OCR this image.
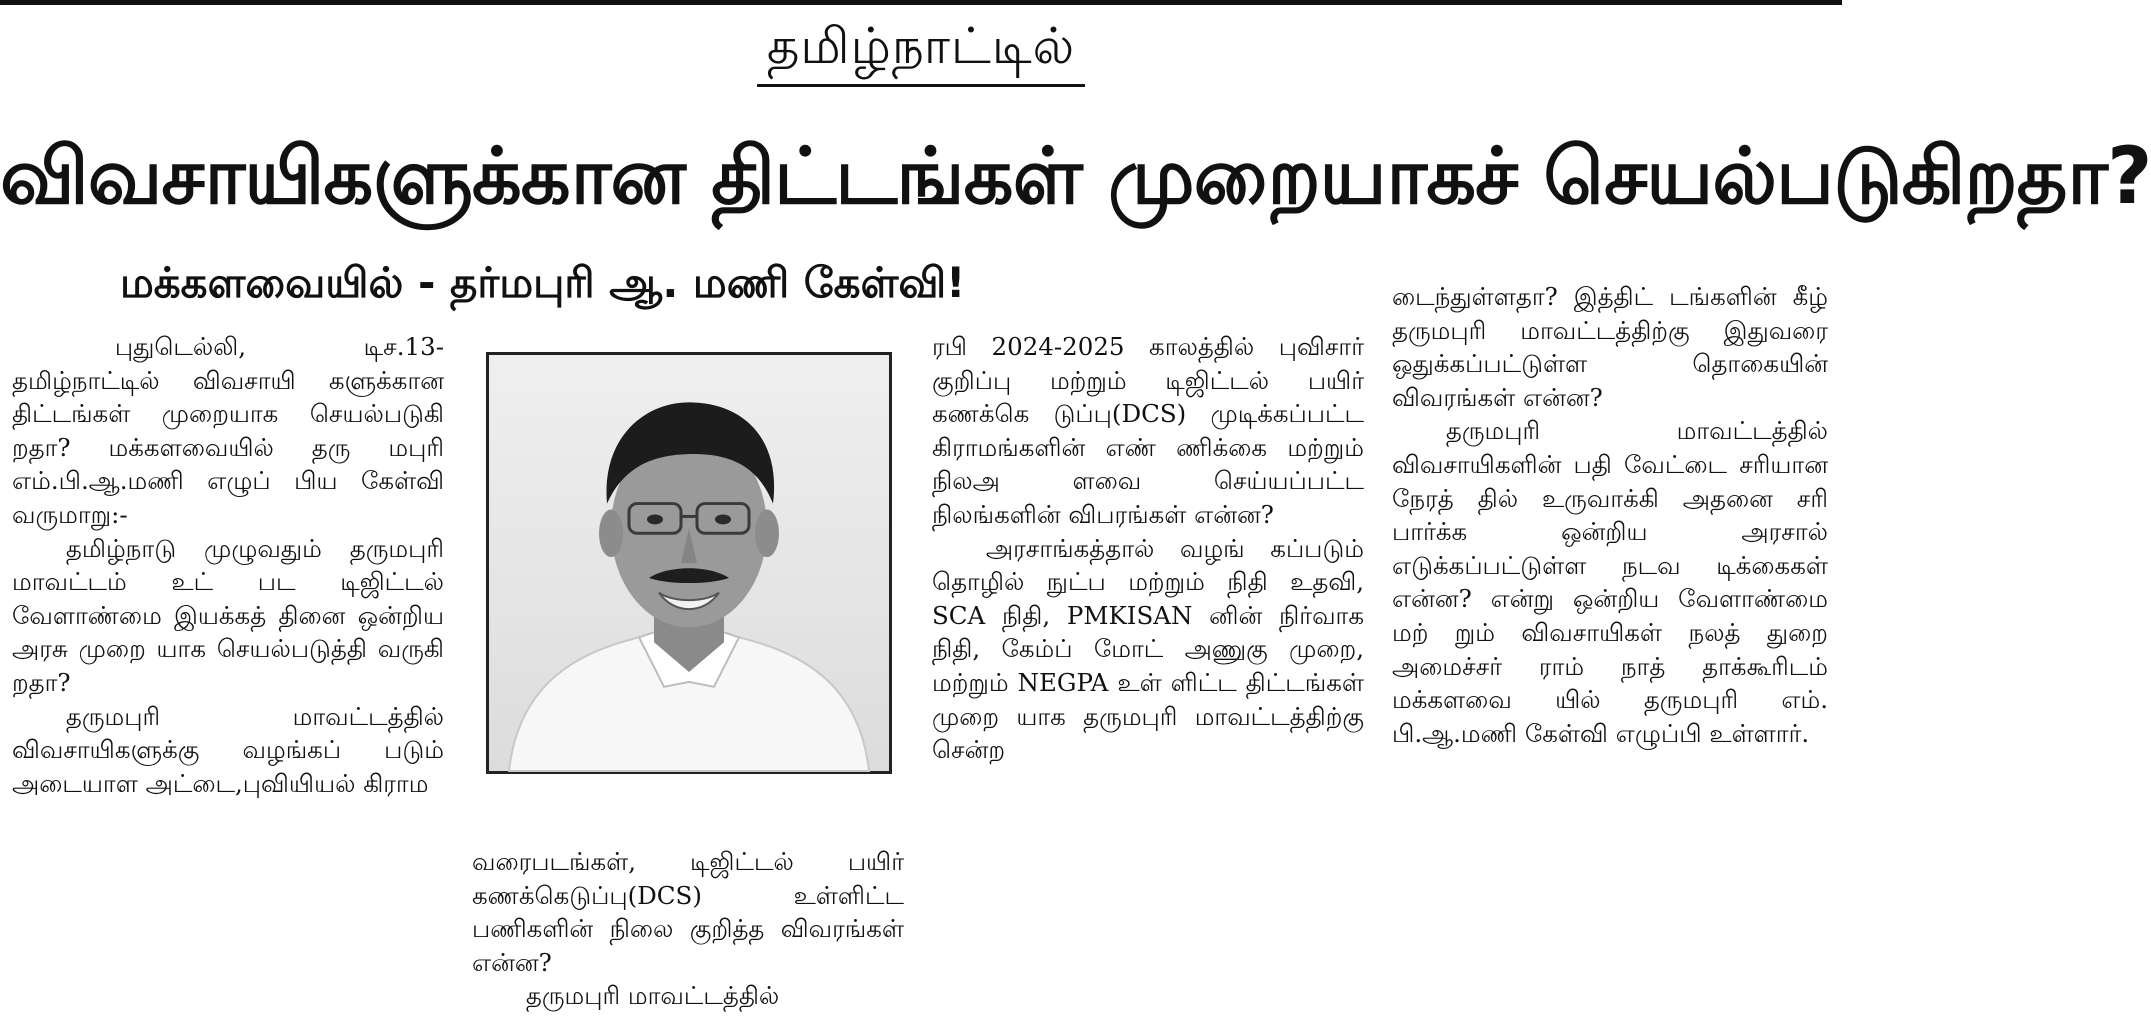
தமிழ்நாட்டில்
விவசாயிகளுக்கான திட்டங்கள் முறையாகச் செயல்படுகிறதா?
மக்களவையில் - தர்மபுரி ஆ. மணி கேள்வி!

புதுடெல்லி, டிச.13- தமிழ்நாட்டில் விவசாயி களுக்கான திட்டங்கள் முறையாக செயல்படுகி றதா? மக்களவையில் தரு மபுரி எம்.பி.ஆ.மணி எழுப் பிய கேள்வி வருமாறு:-

தமிழ்நாடு முழுவதும் தருமபுரி மாவட்டம் உட் பட டிஜிட்டல் வேளாண்மை இயக்கத் தினை ஒன்றிய அரசு முறை யாக செயல்படுத்தி வருகி றதா?

தருமபுரி மாவட்டத்தில் விவசாயிகளுக்கு வழங்கப் படும் அடையாள அட்டை,புவியியல் கிராம

வரைபடங்கள், டிஜிட்டல் பயிர் கணக்கெடுப்பு(DCS) உள்ளிட்ட பணிகளின் நிலை குறித்த விவரங்கள் என்ன?

தருமபுரி மாவட்டத்தில்

ரபி 2024-2025 காலத்தில் புவிசார் குறிப்பு மற்றும் டிஜிட்டல் பயிர் கணக்கெ டுப்பு(DCS) முடிக்கப்பட்ட கிராமங்களின் எண் ணிக்கை மற்றும் நிலஅ ளவை செய்யப்பட்ட நிலங்களின் விபரங்கள் என்ன?

அரசாங்கத்தால் வழங் கப்படும் தொழில் நுட்ப மற்றும் நிதி உதவி, SCA நிதி, PMKISAN னின் நிர்வாக நிதி, கேம்ப் மோட் அணுகு முறை, மற்றும் NEGPA உள் ளிட்ட திட்டங்கள் முறை யாக தருமபுரி மாவட்டத்திற்கு சென்ற

டைந்துள்ளதா? இத்திட் டங்களின் கீழ் தருமபுரி மாவட்டத்திற்கு இதுவரை ஒதுக்கப்பட்டுள்ள தொகையின் விவரங்கள் என்ன?

தருமபுரி மாவட்டத்தில் விவசாயிகளின் பதி வேட்டை சரியான நேரத் தில் உருவாக்கி அதனை சரி பார்க்க ஒன்றிய அரசால் எடுக்கப்பட்டுள்ள நடவ டிக்கைகள் என்ன? என்று ஒன்றிய வேளாண்மை மற் றும் விவசாயிகள் நலத் துறை அமைச்சர் ராம் நாத் தாக்கூரிடம் மக்களவை யில் தருமபுரி எம். பி.ஆ.மணி கேள்வி எழுப்பி உள்ளார்.
